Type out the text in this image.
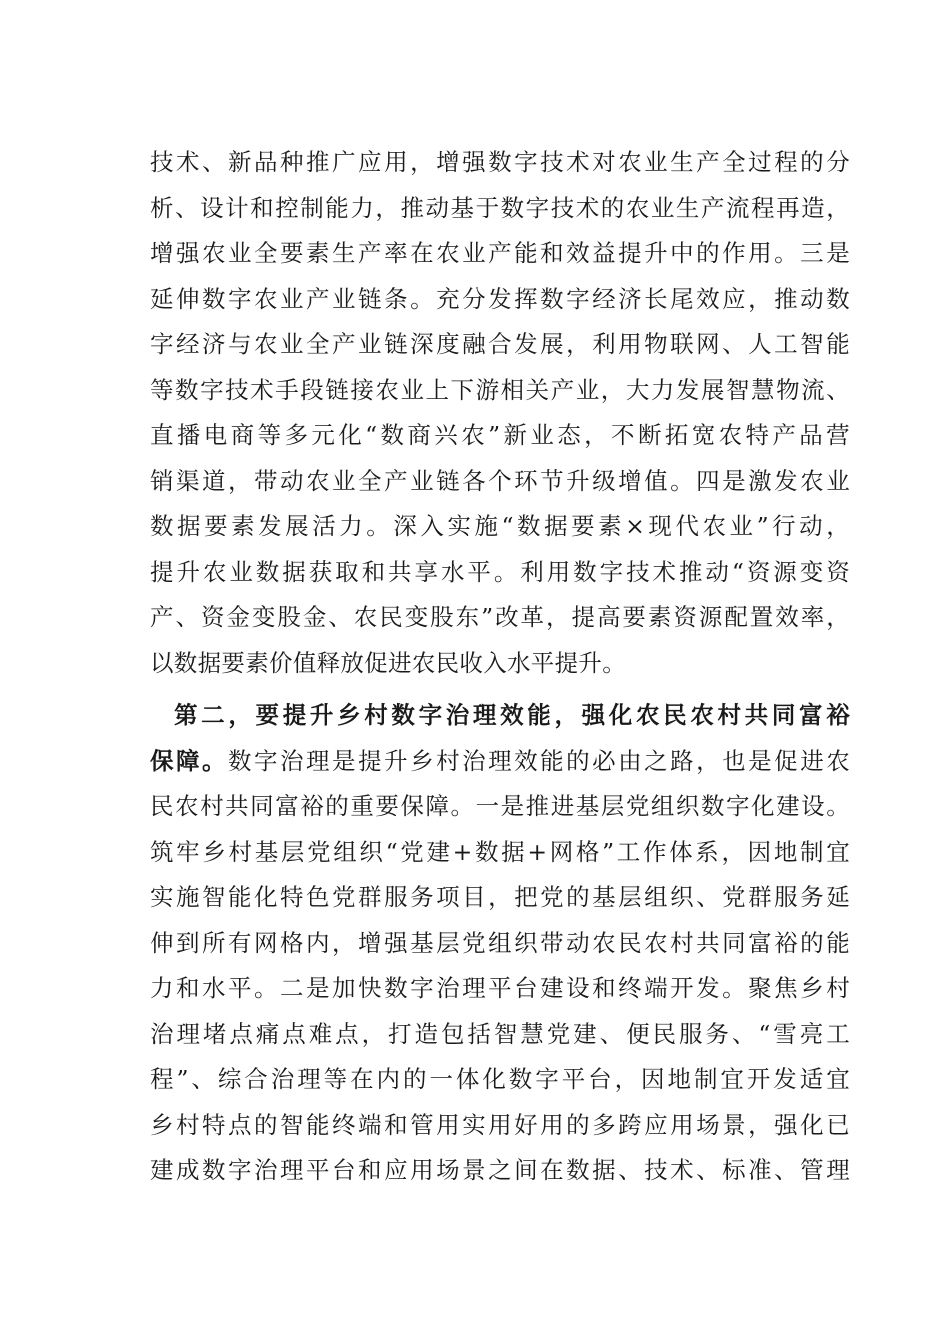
技术、新品种推广应用，增强数字技术对农业生产全过程的分
析、设计和控制能力，推动基于数字技术的农业生产流程再造，
增强农业全要素生产率在农业产能和效益提升中的作用。三是
延伸数字农业产业链条。充分发挥数字经济长尾效应，推动数
字经济与农业全产业链深度融合发展，利用物联网、人工智能
等数字技术手段链接农业上下游相关产业，大力发展智慧物流、
直播电商等多元化“数商兴农”新业态，不断拓宽农特产品营
销渠道，带动农业全产业链各个环节升级增值。四是激发农业
数据要素发展活力。深入实施“数据要素×现代农业”行动，
提升农业数据获取和共享水平。利用数字技术推动“资源变资
产、资金变股金、农民变股东”改革，提高要素资源配置效率，
以数据要素价值释放促进农民收入水平提升。
第二，要提升乡村数字治理效能，强化农民农村共同富裕
保障。数字治理是提升乡村治理效能的必由之路，也是促进农
民农村共同富裕的重要保障。一是推进基层党组织数字化建设。
筑牢乡村基层党组织“党建+数据+网格”工作体系，因地制宜
实施智能化特色党群服务项目，把党的基层组织、党群服务延
伸到所有网格内，增强基层党组织带动农民农村共同富裕的能
力和水平。二是加快数字治理平台建设和终端开发。聚焦乡村
治理堵点痛点难点，打造包括智慧党建、便民服务、“雪亮工
程”、综合治理等在内的一体化数字平台，因地制宜开发适宜
乡村特点的智能终端和管用实用好用的多跨应用场景，强化已
建成数字治理平台和应用场景之间在数据、技术、标准、管理
